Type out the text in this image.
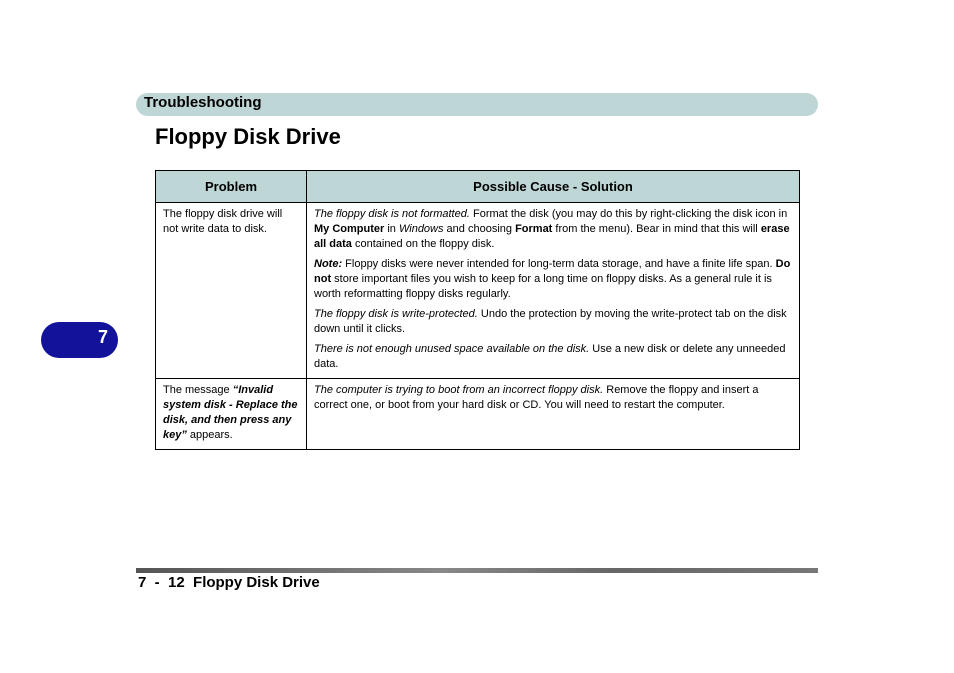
Troubleshooting
Floppy Disk Drive
7
Problem	Possible Cause - Solution
The floppy disk drive will not write data to disk.	The floppy disk is not formatted. Format the disk (you may do this by right-clicking the disk icon in My Computer in Windows and choosing Format from the menu). Bear in mind that this will erase all data contained on the floppy disk.

Note: Floppy disks were never intended for long-term data storage, and have a finite life span. Do not store important files you wish to keep for a long time on floppy disks. As a general rule it is worth reformatting floppy disks regularly.

The floppy disk is write-protected. Undo the protection by moving the write-protect tab on the disk down until it clicks.

There is not enough unused space available on the disk. Use a new disk or delete any unneeded data.

The message “Invalid system disk - Replace the disk, and then press any key” appears.	The computer is trying to boot from an incorrect floppy disk. Remove the floppy and insert a correct one, or boot from your hard disk or CD. You will need to restart the computer.

7  -  12  Floppy Disk Drive
